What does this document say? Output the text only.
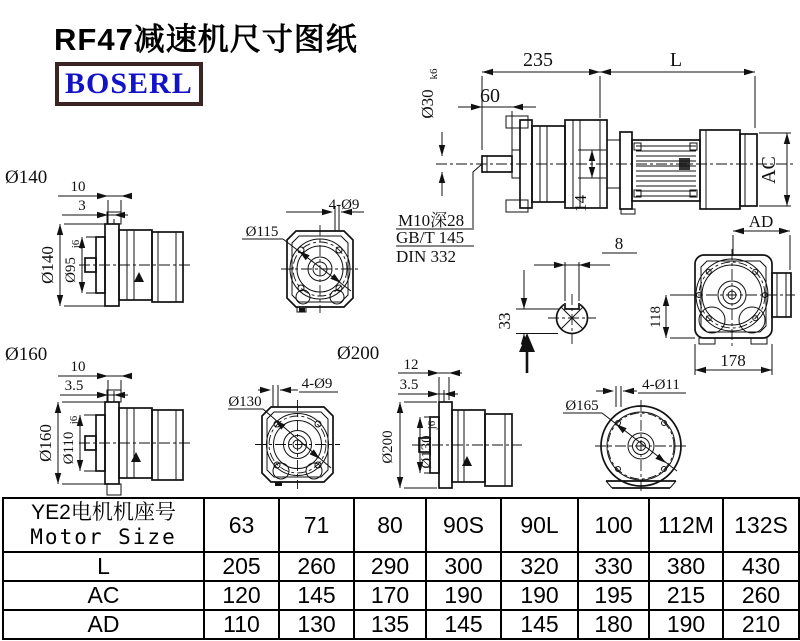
RF47减速机尺寸图纸
BOSERL
235	L
60
Ø30
k6
M10深28
GB/T 145
DIN 332
14
AC
AD
Ø140 10
3
Ø140 Ø95
j6
4-Ø9
Ø115
8
33	118
178
Ø160
10
3.5
Ø160 Ø110
j6
4-Ø9
Ø130
Ø200
12
3.5
Ø200 Ø130
j6
4-Ø11
Ø165
YE2电机机座号
Motor Size	63	71	80	90S	90L	100	112M	132S
L	205	260	290	300	320	330	380	430
AC	120	145	170	190	190	195	215	260
AD	110	130	135	145	145	180	190	210
